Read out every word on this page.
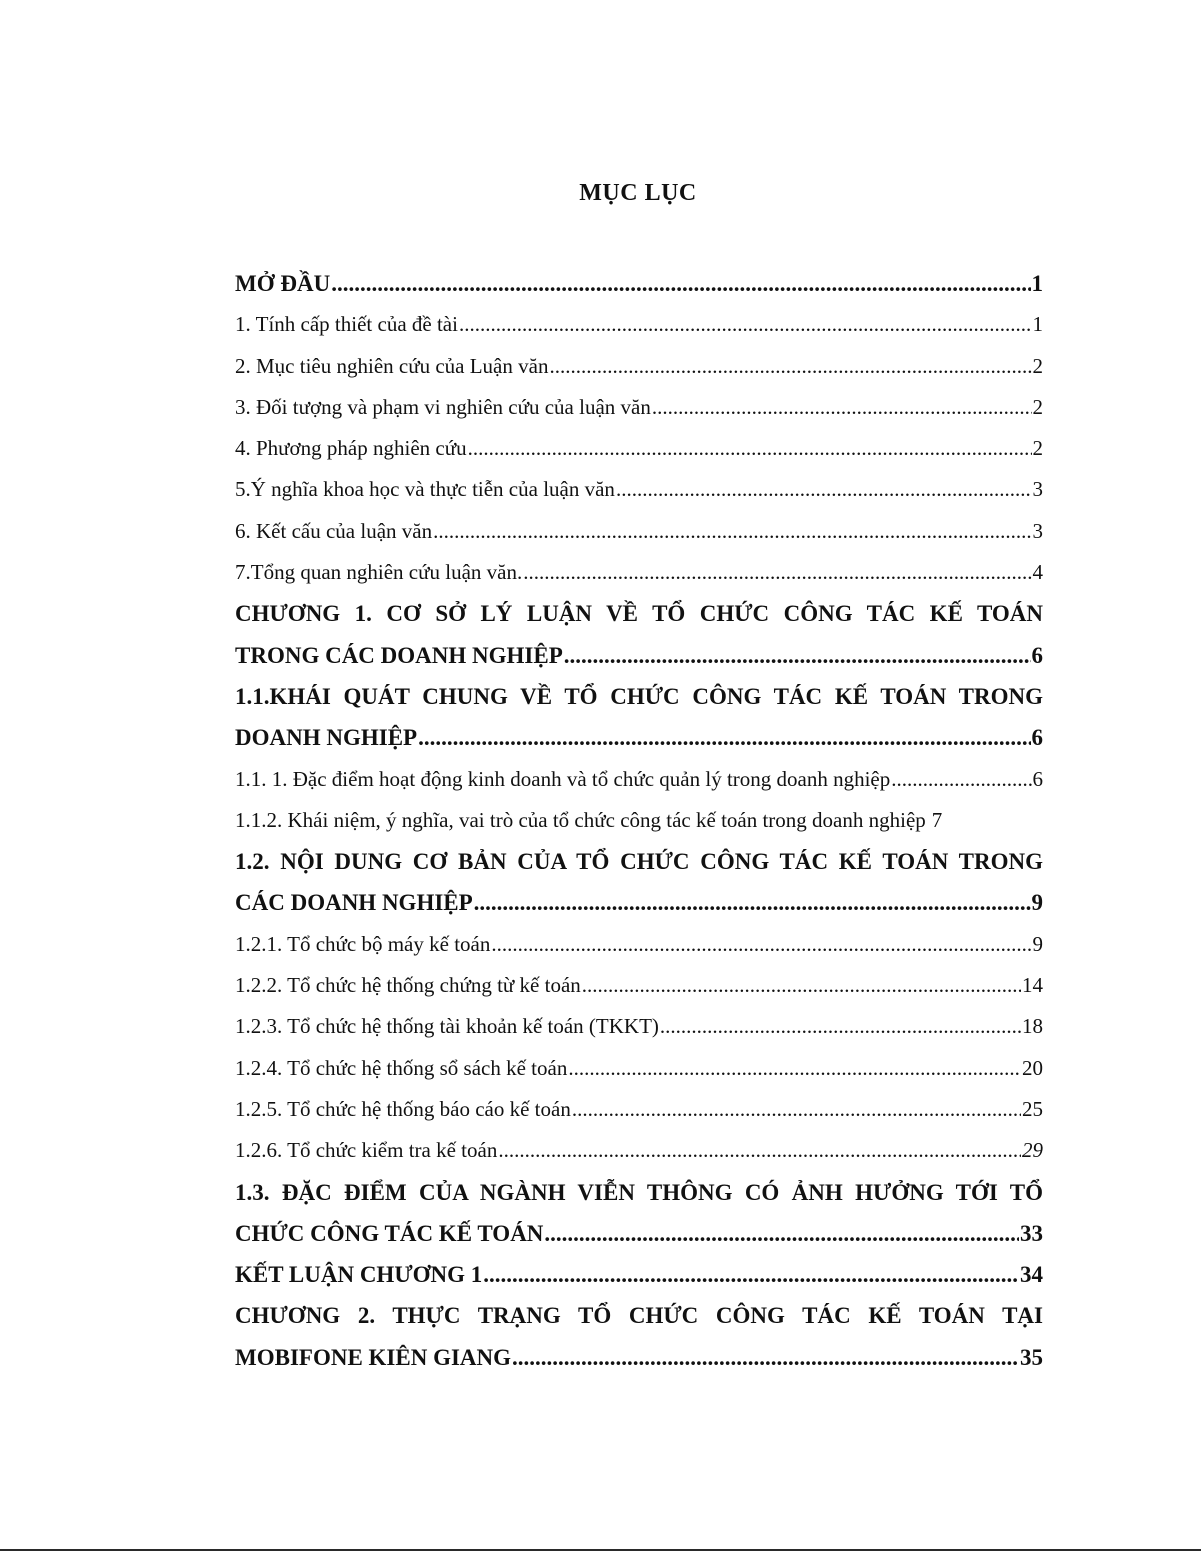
MỤC LỤC
MỞ ĐẦU .....	1
1. Tính cấp thiết của đề tài .....	1
2. Mục tiêu nghiên cứu của Luận văn .....	2
3. Đối tượng và phạm vi nghiên cứu của luận văn .....	2
4. Phương pháp nghiên cứu .....	2
5.Ý nghĩa khoa học và thực tiễn của luận văn .....	3
6. Kết cấu của luận văn .....	3
7.Tổng quan nghiên cứu luận văn. .....	4
CHƯƠNG 1. CƠ SỞ LÝ LUẬN VỀ TỔ CHỨC CÔNG TÁC KẾ TOÁN
TRONG CÁC DOANH NGHIỆP .....	6
1.1.KHÁI QUÁT CHUNG VỀ TỔ CHỨC CÔNG TÁC KẾ TOÁN TRONG
DOANH NGHIỆP .....	6
1.1. 1. Đặc điểm hoạt động kinh doanh và tổ chức quản lý trong doanh nghiệp .....	6
1.1.2. Khái niệm, ý nghĩa, vai trò của tổ chức công tác kế toán trong doanh nghiệp 7
1.2. NỘI DUNG CƠ BẢN CỦA TỔ CHỨC CÔNG TÁC KẾ TOÁN TRONG
CÁC DOANH NGHIỆP .....	9
1.2.1. Tổ chức bộ máy kế toán .....	9
1.2.2. Tổ chức hệ thống chứng từ kế toán .....	14
1.2.3. Tổ chức hệ thống tài khoản kế toán (TKKT) .....	18
1.2.4. Tổ chức hệ thống sổ sách kế toán .....	20
1.2.5. Tổ chức hệ thống báo cáo kế toán .....	25
1.2.6. Tổ chức kiểm tra kế toán .....	29
1.3. ĐẶC ĐIỂM CỦA NGÀNH VIỄN THÔNG CÓ ẢNH HƯỞNG TỚI TỔ
CHỨC CÔNG TÁC KẾ TOÁN .....	33
KẾT LUẬN CHƯƠNG 1 .....	34
CHƯƠNG 2. THỰC TRẠNG TỔ CHỨC CÔNG TÁC KẾ TOÁN TẠI
MOBIFONE KIÊN GIANG .....	35
